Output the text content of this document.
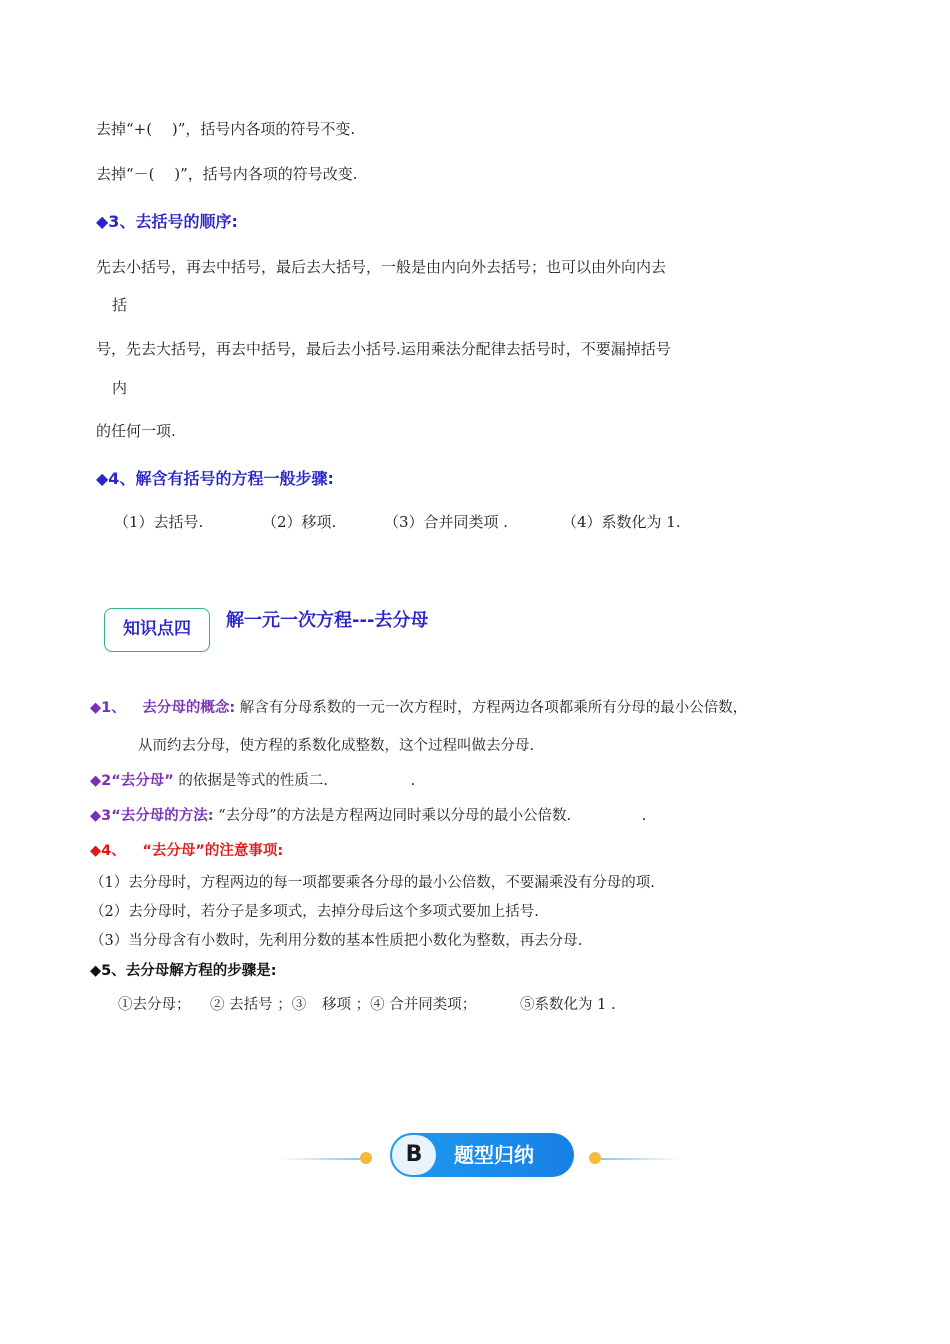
去掉“+(　 )”，括号内各项的符号不变.
去掉“－(　 )”，括号内各项的符号改变.
◆3、去括号的顺序:
先去小括号，再去中括号，最后去大括号，一般是由内向外去括号；也可以由外向内去
括
号，先去大括号，再去中括号，最后去小括号.运用乘法分配律去括号时，不要漏掉括号
内
的任何一项.
◆4、解含有括号的方程一般步骤:
（1）去括号.	（2）移项.	（3）合并同类项 .	（4）系数化为 1.
知识点四	解一元一次方程---去分母
◆1、 去分母的概念: 解含有分母系数的一元一次方程时，方程两边各项都乘所有分母的最小公倍数，
从而约去分母，使方程的系数化成整数，这个过程叫做去分母.
◆2“去分母” 的依据是等式的性质二.	.
◆3“去分母的方法: “去分母”的方法是方程两边同时乘以分母的最小公倍数.	.
◆4、 “去分母”的注意事项:
（1）去分母时，方程两边的每一项都要乘各分母的最小公倍数，不要漏乘没有分母的项.
（2）去分母时，若分子是多项式，去掉分母后这个多项式要加上括号.
（3）当分母含有小数时，先利用分数的基本性质把小数化为整数，再去分母.
◆5、去分母解方程的步骤是:
①去分母； ② 去括号 ；③ 移项 ；④ 合并同类项；	⑤系数化为 1 .
B	题型归纳
